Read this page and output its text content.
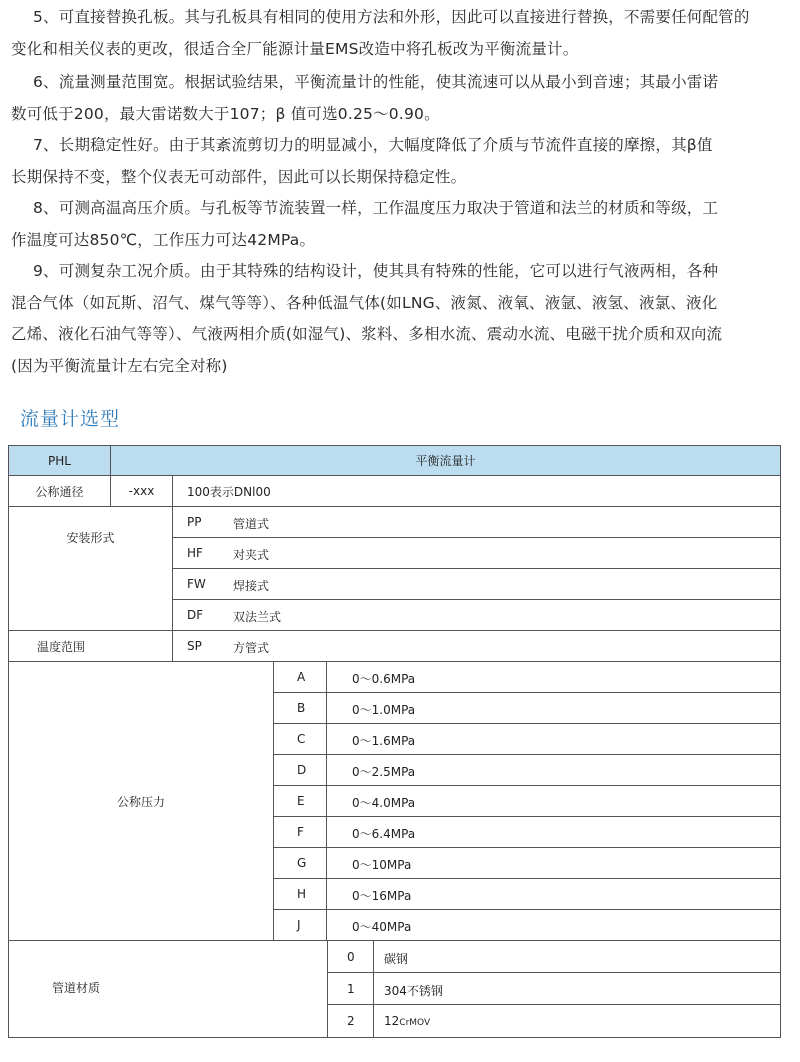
5、可直接替换孔板。其与孔板具有相同的使用方法和外形，因此可以直接进行替换，不需要任何配管的
变化和相关仪表的更改，很适合全厂能源计量EMS改造中将孔板改为平衡流量计。
6、流量测量范围宽。根据试验结果，平衡流量计的性能，使其流速可以从最小到音速；其最小雷诺
数可低于200，最大雷诺数大于107；β 值可选0.25～0.90。
7、长期稳定性好。由于其紊流剪切力的明显减小，大幅度降低了介质与节流件直接的摩擦，其β值
长期保持不变，整个仪表无可动部件，因此可以长期保持稳定性。
8、可测高温高压介质。与孔板等节流装置一样，工作温度压力取决于管道和法兰的材质和等级，工
作温度可达850℃，工作压力可达42MPa。
9、可测复杂工况介质。由于其特殊的结构设计，使其具有特殊的性能，它可以进行气液两相，各种
混合气体（如瓦斯、沼气、煤气等等）、各种低温气体(如LNG、液氮、液氧、液氩、液氢、液氯、液化
乙烯、液化石油气等等）、气液两相介质(如湿气)、浆料、多相水流、震动水流、电磁干扰介质和双向流
(因为平衡流量计左右完全对称)
流量计选型
PHL	平衡流量计
公称通径	-xxx	100表示DNl00
安装形式
PP	管道式
HF	对夹式
FW 焊接式
DF 双法兰式
温度范围	SP	方管式
公称压力
A	0～0.6MPa
B	0～1.0MPa
C	0～1.6MPa
D	0～2.5MPa
E	0～4.0MPa
F	0～6.4MPa
G	0～10MPa
H	0～16MPa
J	0～40MPa
管道材质
0 碳钢
1 304不锈钢
2 12CrMOV
